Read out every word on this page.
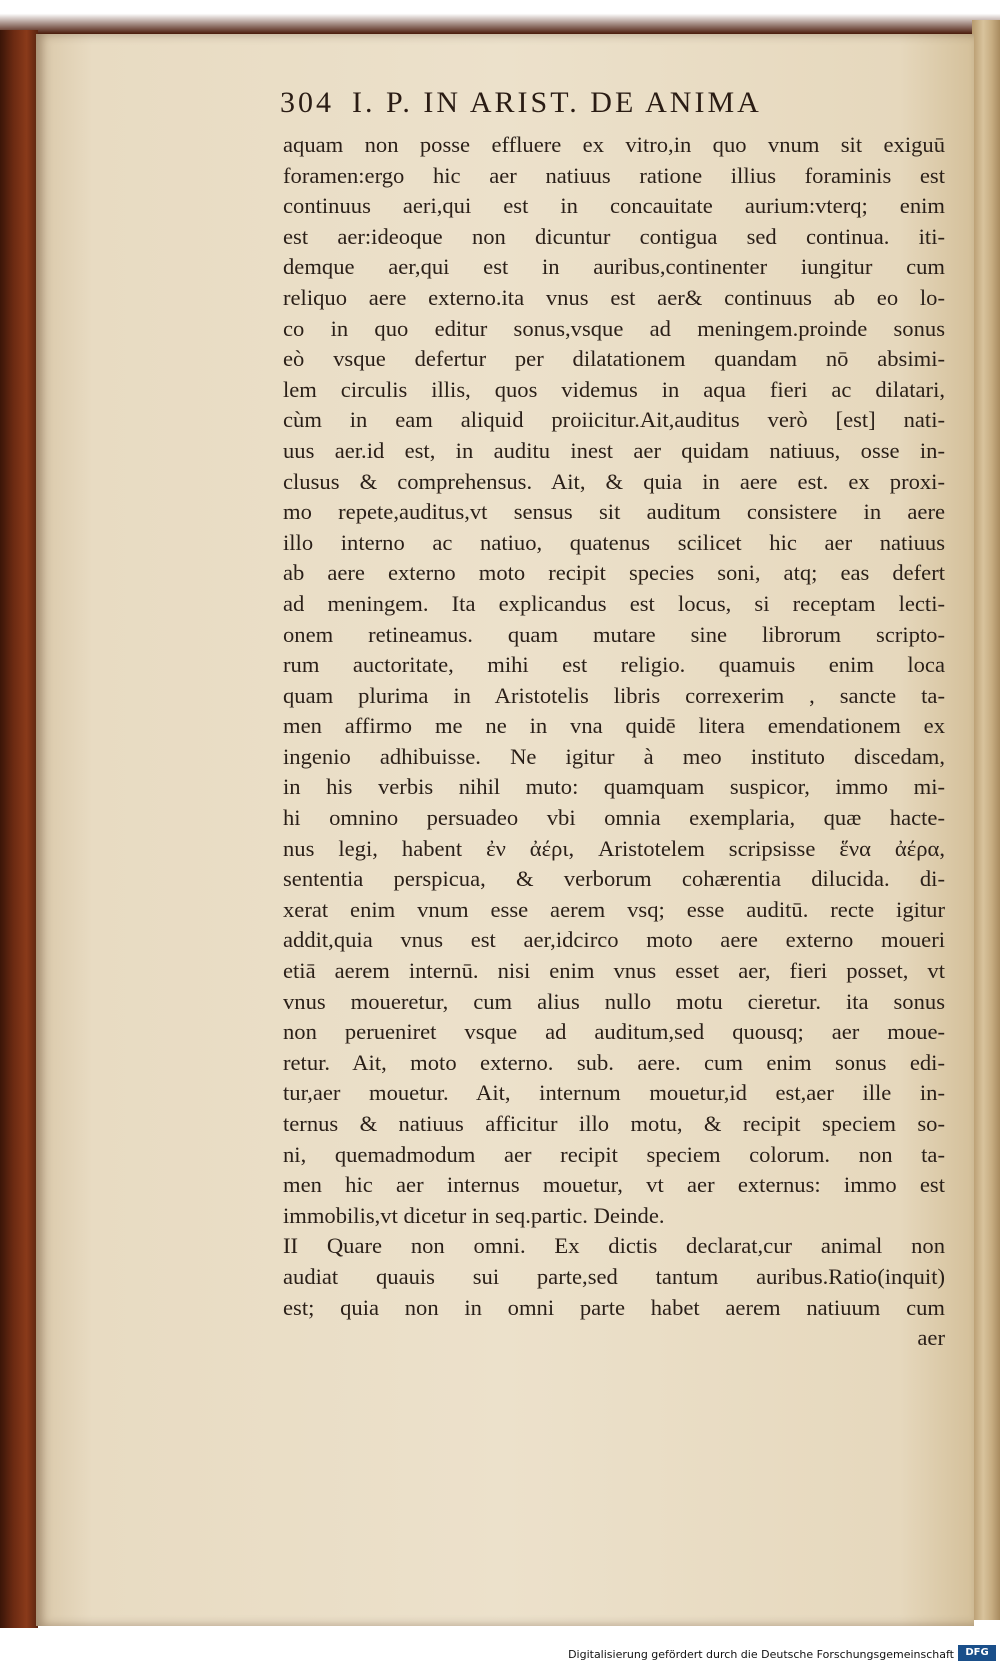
304 I. P. IN ARIST. DE ANIMA
aquam non posse effluere ex vitro,in quo vnum sit exiguū
foramen:ergo hic aer natiuus ratione illius foraminis est
continuus aeri,qui est in concauitate aurium:vterq; enim
est aer:ideoque non dicuntur contigua sed continua. iti-
demque aer,qui est in auribus,continenter iungitur cum
reliquo aere externo.ita vnus est aer& continuus ab eo lo-
co in quo editur sonus,vsque ad meningem.proinde sonus
eò vsque defertur per dilatationem quandam nō absimi-
lem circulis illis, quos videmus in aqua fieri ac dilatari,
cùm in eam aliquid proiicitur.Ait,auditus verò [est] nati-
uus aer.id est, in auditu inest aer quidam natiuus, osse in-
clusus & comprehensus. Ait, & quia in aere est. ex proxi-
mo repete,auditus,vt sensus sit auditum consistere in aere
illo interno ac natiuo, quatenus scilicet hic aer natiuus
ab aere externo moto recipit species soni, atq; eas defert
ad meningem. Ita explicandus est locus, si receptam lecti-
onem retineamus. quam mutare sine librorum scripto-
rum auctoritate, mihi est religio. quamuis enim loca
quam plurima in Aristotelis libris correxerim , sancte ta-
men affirmo me ne in vna quidē litera emendationem ex
ingenio adhibuisse. Ne igitur à meo instituto discedam,
in his verbis nihil muto: quamquam suspicor, immo mi-
hi omnino persuadeo vbi omnia exemplaria, quæ hacte-
nus legi, habent ἐν ἀέρι, Aristotelem scripsisse ἕνα ἀέρα,
sententia perspicua, & verborum cohærentia dilucida. di-
xerat enim vnum esse aerem vsq; esse auditū. recte igitur
addit,quia vnus est aer,idcirco moto aere externo moueri
etiā aerem internū. nisi enim vnus esset aer, fieri posset, vt
vnus moueretur, cum alius nullo motu cieretur. ita sonus
non perueniret vsque ad auditum,sed quousq; aer moue-
retur. Ait, moto externo. sub. aere. cum enim sonus edi-
tur,aer mouetur. Ait, internum mouetur,id est,aer ille in-
ternus & natiuus afficitur illo motu, & recipit speciem so-
ni, quemadmodum aer recipit speciem colorum. non ta-
men hic aer internus mouetur, vt aer externus: immo est
immobilis,vt dicetur in seq.partic. Deinde.
II Quare non omni. Ex dictis declarat,cur animal non
audiat quauis sui parte,sed tantum auribus.Ratio(inquit)
est; quia non in omni parte habet aerem natiuum cum
aer
Digitalisierung gefördert durch die Deutsche Forschungsgemeinschaft	DFG
